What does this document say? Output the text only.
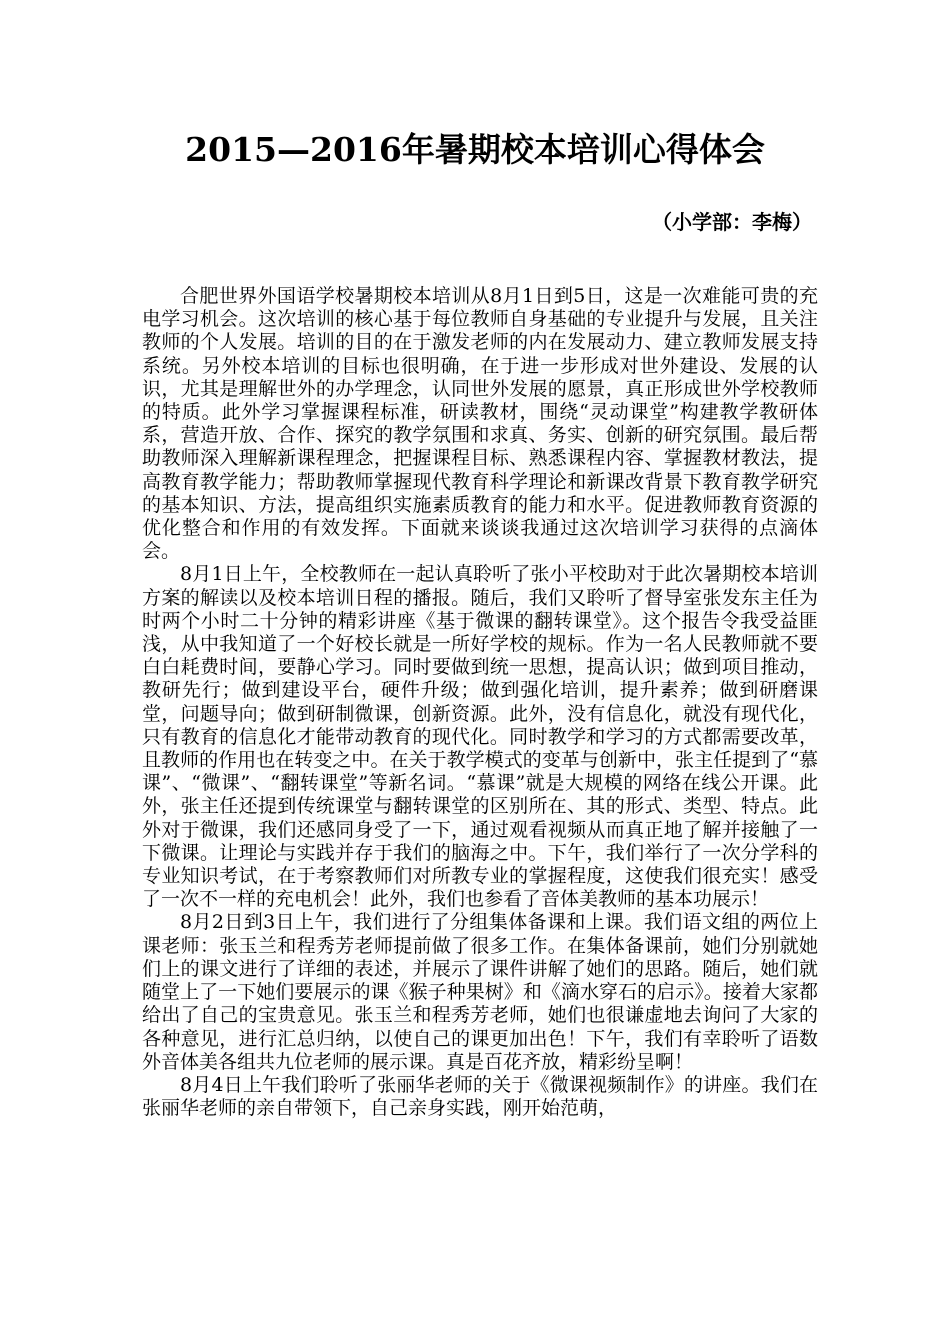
2015—2016年暑期校本培训心得体会

（小学部：李梅）

合肥世界外国语学校暑期校本培训从8月1日到5日，这是一次难能可贵的充电学习机会。这次培训的核心基于每位教师自身基础的专业提升与发展，且关注教师的个人发展。培训的目的在于激发老师的内在发展动力、建立教师发展支持系统。另外校本培训的目标也很明确，在于进一步形成对世外建设、发展的认识，尤其是理解世外的办学理念，认同世外发展的愿景，真正形成世外学校教师的特质。此外学习掌握课程标准，研读教材，围绕“灵动课堂”构建教学教研体系，营造开放、合作、探究的教学氛围和求真、务实、创新的研究氛围。最后帮助教师深入理解新课程理念，把握课程目标、熟悉课程内容、掌握教材教法，提高教育教学能力；帮助教师掌握现代教育科学理论和新课改背景下教育教学研究的基本知识、方法，提高组织实施素质教育的能力和水平。促进教师教育资源的优化整合和作用的有效发挥。下面就来谈谈我通过这次培训学习获得的点滴体会。

8月1日上午，全校教师在一起认真聆听了张小平校助对于此次暑期校本培训方案的解读以及校本培训日程的播报。随后，我们又聆听了督导室张发东主任为时两个小时二十分钟的精彩讲座《基于微课的翻转课堂》。这个报告令我受益匪浅，从中我知道了一个好校长就是一所好学校的规标。作为一名人民教师就不要白白耗费时间，要静心学习。同时要做到统一思想，提高认识；做到项目推动，教研先行；做到建设平台，硬件升级；做到强化培训，提升素养；做到研磨课堂，问题导向；做到研制微课，创新资源。此外，没有信息化，就没有现代化，只有教育的信息化才能带动教育的现代化。同时教学和学习的方式都需要改革，且教师的作用也在转变之中。在关于教学模式的变革与创新中，张主任提到了“慕课”、“微课”、“翻转课堂”等新名词。“慕课”就是大规模的网络在线公开课。此外，张主任还提到传统课堂与翻转课堂的区别所在、其的形式、类型、特点。此外对于微课，我们还感同身受了一下，通过观看视频从而真正地了解并接触了一下微课。让理论与实践并存于我们的脑海之中。下午，我们举行了一次分学科的专业知识考试，在于考察教师们对所教专业的掌握程度，这使我们很充实！感受了一次不一样的充电机会！此外，我们也参看了音体美教师的基本功展示！

8月2日到3日上午，我们进行了分组集体备课和上课。我们语文组的两位上课老师：张玉兰和程秀芳老师提前做了很多工作。在集体备课前，她们分别就她们上的课文进行了详细的表述，并展示了课件讲解了她们的思路。随后，她们就随堂上了一下她们要展示的课《猴子种果树》和《滴水穿石的启示》。接着大家都给出了自己的宝贵意见。张玉兰和程秀芳老师，她们也很谦虚地去询问了大家的各种意见，进行汇总归纳，以使自己的课更加出色！下午，我们有幸聆听了语数外音体美各组共九位老师的展示课。真是百花齐放，精彩纷呈啊！

8月4日上午我们聆听了张丽华老师的关于《微课视频制作》的讲座。我们在张丽华老师的亲自带领下，自己亲身实践，刚开始范萌，
